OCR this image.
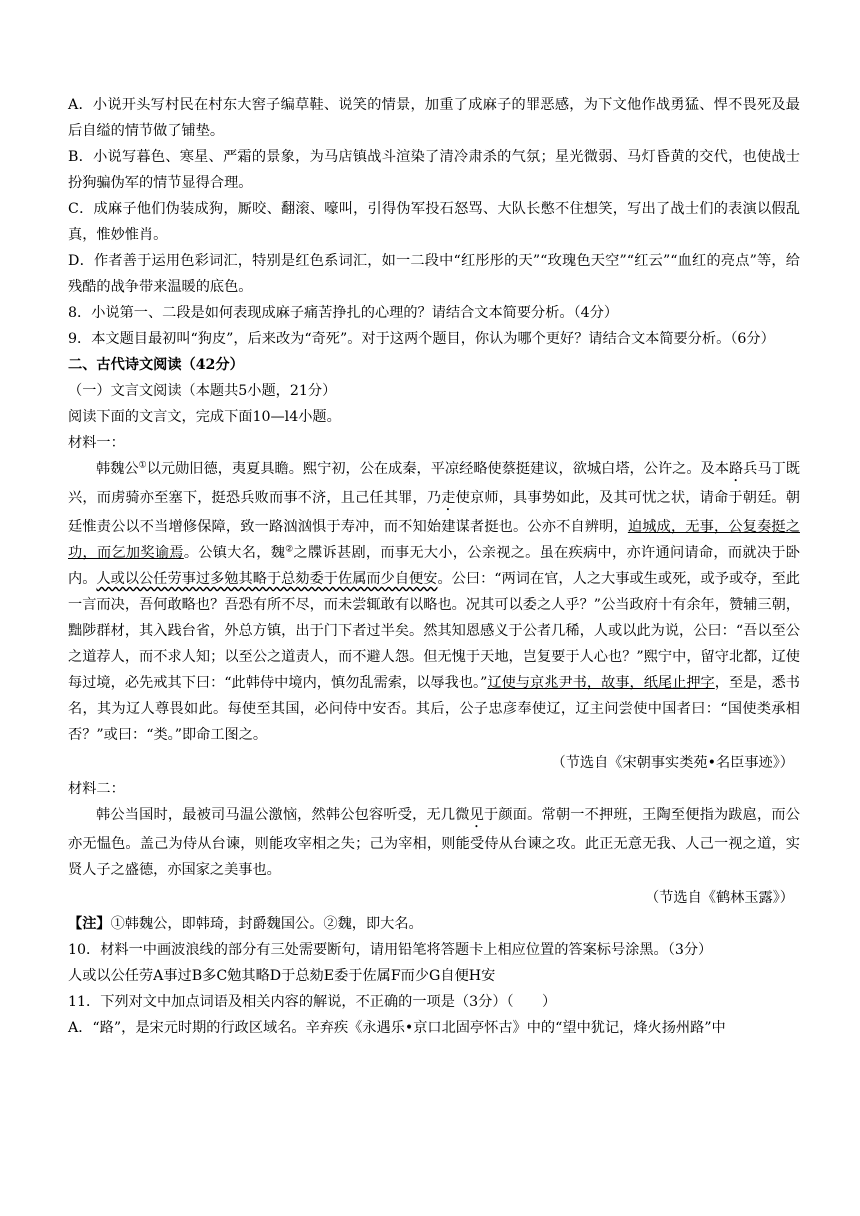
A．小说开头写村民在村东大窖子编草鞋、说笑的情景，加重了成麻子的罪恶感，为下文他作战勇猛、悍不畏死及最后自缢的情节做了铺垫。

B．小说写暮色、寒星、严霜的景象，为马店镇战斗渲染了清冷肃杀的气氛；星光微弱、马灯昏黄的交代，也使战士扮狗骗伪军的情节显得合理。

C．成麻子他们伪装成狗，厮咬、翻滚、嚎叫，引得伪军投石怒骂、大队长憋不住想笑，写出了战士们的表演以假乱真，惟妙惟肖。

D．作者善于运用色彩词汇，特别是红色系词汇，如一二段中“红彤彤的天”“玫瑰色天空”“红云”“血红的亮点”等，给残酷的战争带来温暖的底色。

8．小说第一、二段是如何表现成麻子痛苦挣扎的心理的？请结合文本简要分析。（4分）

9．本文题目最初叫“狗皮”，后来改为“奇死”。对于这两个题目，你认为哪个更好？请结合文本简要分析。（6分）

二、古代诗文阅读（42分）

（一）文言文阅读（本题共5小题，21分）

阅读下面的文言文，完成下面10—l4小题。

材料一：

韩魏公①以元勋旧德，夷夏具瞻。熙宁初，公在成秦，平凉经略使蔡挺建议，欲城白塔，公许之。及本路兵马丁既兴，而虏骑亦至塞下，挺恐兵败而事不济，且己任其罪，乃走使京师，具事势如此，及其可忧之状，请命于朝廷。朝廷惟责公以不当增修保障，致一路汹汹惧于寿冲，而不知始建谋者挺也。公亦不自辨明，迫城成，无事，公复奏挺之功，而乞加奖谕焉。公镇大名，魏②之牒诉甚剧，而事无大小，公亲视之。虽在疾病中，亦许通问请命，而就决于卧内。人或以公任劳事过多勉其略于总劾委于佐属而少自便安。公曰：“两词在官，人之大事或生或死，或予或夺，至此一言而决，吾何敢略也？吾恐有所不尽，而未尝辄敢有以略也。况其可以委之人乎？”公当政府十有余年，赞辅三朝，黜陟群材，其入践台省，外总方镇，出于门下者过半矣。然其知恩感义于公者几稀，人或以此为说，公曰：“吾以至公之道荐人，而不求人知；以至公之道责人，而不避人怨。但无愧于天地，岂复要于人心也？”熙宁中，留守北都，辽使每过境，必先戒其下曰：“此韩侍中境内，慎勿乱需索，以辱我也。”辽使与京兆尹书，故事，纸尾止押字，至是，悉书名，其为辽人尊畏如此。每使至其国，必问侍中安否。其后，公子忠彦奉使辽，辽主问尝使中国者曰：“国使类承相否？”或曰：“类。”即命工图之。

（节选自《宋朝事实类苑•名臣事迹》）

材料二：

韩公当国时，最被司马温公激恼，然韩公包容听受，无几微见于颜面。常朝一不押班，王陶至便指为跋扈，而公亦无愠色。盖己为侍从台谏，则能攻宰相之失；己为宰相，则能受侍从台谏之攻。此正无意无我、人己一视之道，实贤人子之盛德，亦国家之美事也。

（节选自《鹤林玉露》）

【注】①韩魏公，即韩琦，封爵魏国公。②魏，即大名。

10．材料一中画波浪线的部分有三处需要断句，请用铅笔将答题卡上相应位置的答案标号涂黑。（3分）

人或以公任劳A事过B多C勉其略D于总劾E委于佐属F而少G自便H安

11．下列对文中加点词语及相关内容的解说，不正确的一项是（3分）（　　）

A．“路”，是宋元时期的行政区域名。辛弃疾《永遇乐•京口北固亭怀古》中的“望中犹记，烽火扬州路”中
